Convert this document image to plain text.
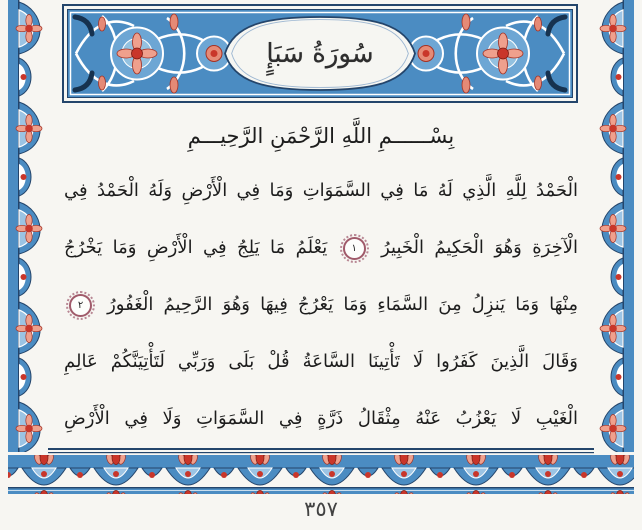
سُورَةُ سَبَإٍ
بِسْــــــمِ اللَّهِ الرَّحْمَنِ الرَّحِيـــمِ
الْحَمْدُ لِلَّهِ الَّذِي لَهُ مَا فِي السَّمَوَاتِ وَمَا فِي الْأَرْضِ وَلَهُ الْحَمْدُ فِي
الْآخِرَةِ وَهُوَ الْحَكِيمُ الْخَبِيرُ ١ يَعْلَمُ مَا يَلِجُ فِي الْأَرْضِ وَمَا يَخْرُجُ
مِنْهَا وَمَا يَنزِلُ مِنَ السَّمَاءِ وَمَا يَعْرُجُ فِيهَا وَهُوَ الرَّحِيمُ الْغَفُورُ ٢
وَقَالَ الَّذِينَ كَفَرُوا لَا تَأْتِينَا السَّاعَةُ قُلْ بَلَى وَرَبِّي لَتَأْتِيَنَّكُمْ عَالِمِ
الْغَيْبِ لَا يَعْزُبُ عَنْهُ مِثْقَالُ ذَرَّةٍ فِي السَّمَوَاتِ وَلَا فِي الْأَرْضِ
٣٥٧
